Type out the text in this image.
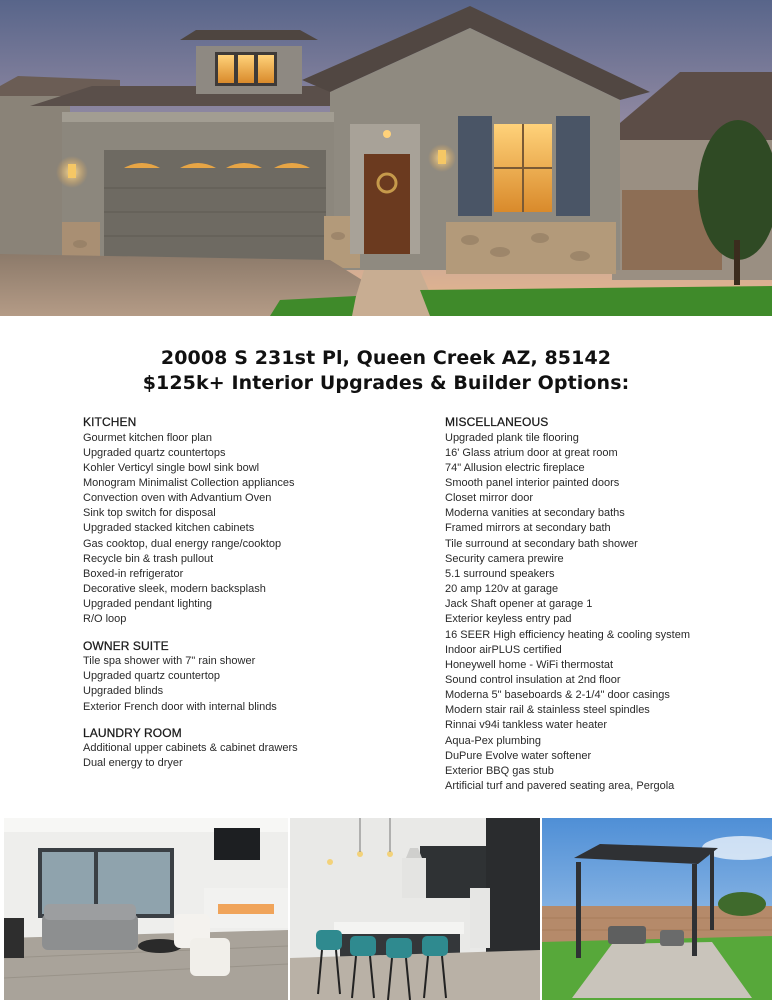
20008 S 231st Pl, Queen Creek AZ, 85142
$125k+ Interior Upgrades & Builder Options:
KITCHEN
Gourmet kitchen floor plan
Upgraded quartz countertops
Kohler Verticyl single bowl sink bowl
Monogram Minimalist Collection appliances
Convection oven with Advantium Oven
Sink top switch for disposal
Upgraded stacked kitchen cabinets
Gas cooktop, dual energy range/cooktop
Recycle bin & trash pullout
Boxed-in refrigerator
Decorative sleek, modern backsplash
Upgraded pendant lighting
R/O loop
OWNER SUITE
Tile spa shower with 7" rain shower
Upgraded quartz countertop
Upgraded blinds
Exterior French door with internal blinds
LAUNDRY ROOM
Additional upper cabinets & cabinet drawers
Dual energy to dryer
MISCELLANEOUS
Upgraded plank tile flooring
16' Glass atrium door at great room
74" Allusion electric fireplace
Smooth panel interior painted doors
Closet mirror door
Moderna vanities at secondary baths
Framed mirrors at secondary bath
Tile surround at secondary bath shower
Security camera prewire
5.1 surround speakers
20 amp 120v at garage
Jack Shaft opener at garage 1
Exterior keyless entry pad
16 SEER High efficiency heating & cooling system
Indoor airPLUS certified
Honeywell home - WiFi thermostat
Sound control insulation at 2nd floor
Moderna 5" baseboards & 2-1/4" door casings
Modern stair rail & stainless steel spindles
Rinnai v94i tankless water heater
Aqua-Pex plumbing
DuPure Evolve water softener
Exterior BBQ gas stub
Artificial turf and pavered seating area, Pergola
